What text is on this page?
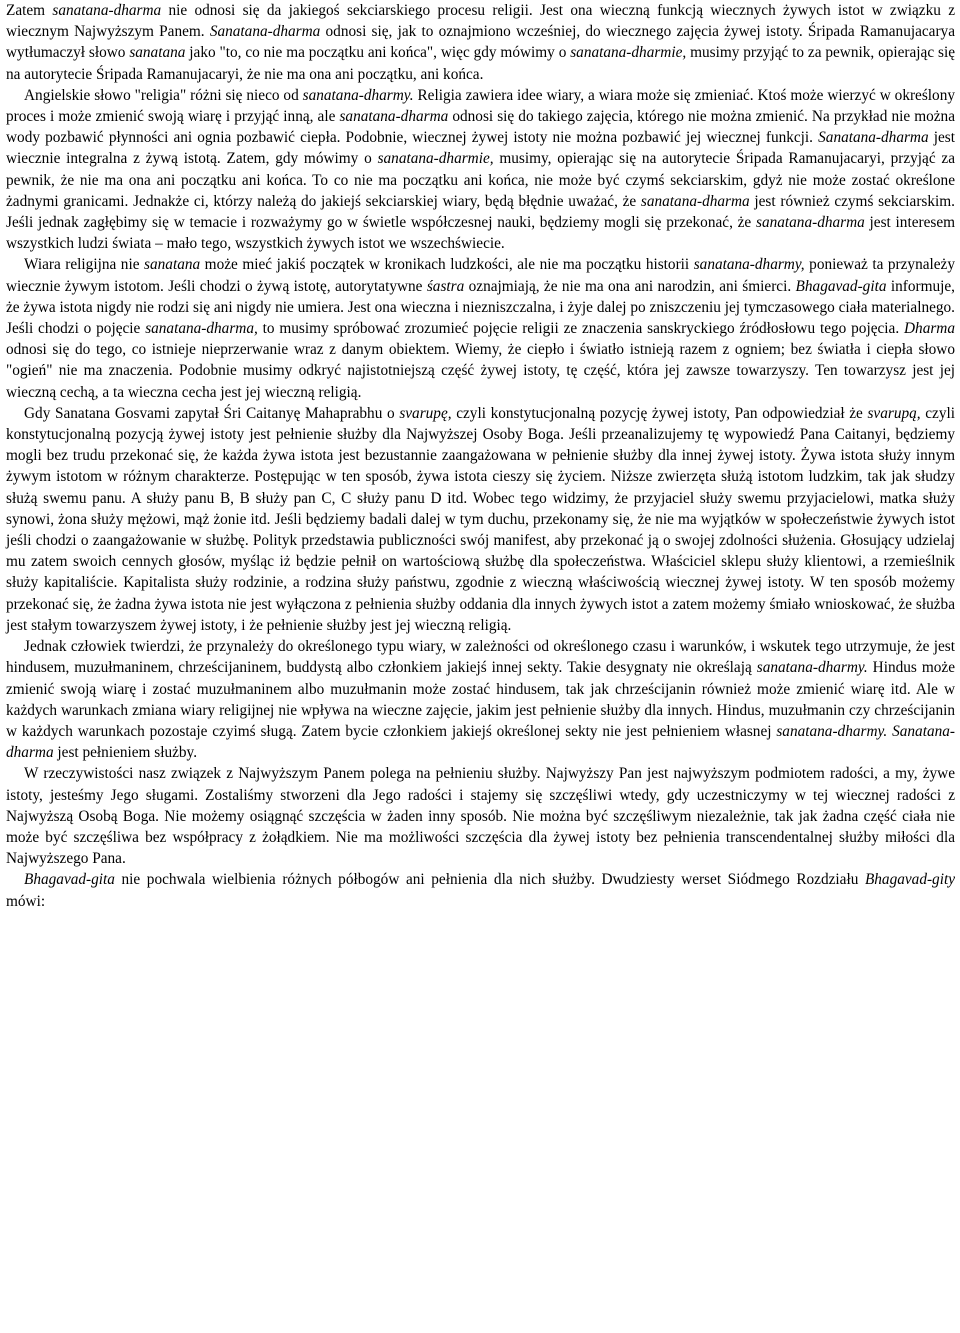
Zatem sanatana-dharma nie odnosi się da jakiegoś sekciarskiego procesu religii. Jest ona wieczną funkcją wiecznych żywych istot w związku z wiecznym Najwyższym Panem. Sanatana-dharma odnosi się, jak to oznajmiono wcześniej, do wiecznego zajęcia żywej istoty. Śripada Ramanujacarya wytłumaczył słowo sanatana jako "to, co nie ma początku ani końca", więc gdy mówimy o sanatana-dharmie, musimy przyjąć to za pewnik, opierając się na autorytecie Śripada Ramanujacaryi, że nie ma ona ani początku, ani końca.

Angielskie słowo "religia" różni się nieco od sanatana-dharmy. Religia zawiera idee wiary, a wiara może się zmieniać. Ktoś może wierzyć w określony proces i może zmienić swoją wiarę i przyjąć inną, ale sanatana-dharma odnosi się do takiego zajęcia, którego nie można zmienić. Na przykład nie można wody pozbawić płynności ani ognia pozbawić ciepła. Podobnie, wiecznej żywej istoty nie można pozbawić jej wiecznej funkcji. Sanatana-dharma jest wiecznie integralna z żywą istotą. Zatem, gdy mówimy o sanatana-dharmie, musimy, opierając się na autorytecie Śripada Ramanujacaryi, przyjąć za pewnik, że nie ma ona ani początku ani końca. To co nie ma początku ani końca, nie może być czymś sekciarskim, gdyż nie może zostać określone żadnymi granicami. Jednakże ci, którzy należą do jakiejś sekciarskiej wiary, będą błędnie uważać, że sanatana-dharma jest również czymś sekciarskim. Jeśli jednak zagłębimy się w temacie i rozważymy go w świetle współczesnej nauki, będziemy mogli się przekonać, że sanatana-dharma jest interesem wszystkich ludzi świata – mało tego, wszystkich żywych istot we wszechświecie.

Wiara religijna nie sanatana może mieć jakiś początek w kronikach ludzkości, ale nie ma początku historii sanatana-dharmy, ponieważ ta przynależy wiecznie żywym istotom. Jeśli chodzi o żywą istotę, autorytatywne śastra oznajmiają, że nie ma ona ani narodzin, ani śmierci. Bhagavad-gita informuje, że żywa istota nigdy nie rodzi się ani nigdy nie umiera. Jest ona wieczna i niezniszczalna, i żyje dalej po zniszczeniu jej tymczasowego ciała materialnego. Jeśli chodzi o pojęcie sanatana-dharma, to musimy spróbować zrozumieć pojęcie religii ze znaczenia sanskryckiego źródłosłowu tego pojęcia. Dharma odnosi się do tego, co istnieje nieprzerwanie wraz z danym obiektem. Wiemy, że ciepło i światło istnieją razem z ogniem; bez światła i ciepła słowo "ogień" nie ma znaczenia. Podobnie musimy odkryć najistotniejszą część żywej istoty, tę część, która jej zawsze towarzyszy. Ten towarzysz jest jej wieczną cechą, a ta wieczna cecha jest jej wieczną religią.

Gdy Sanatana Gosvami zapytał Śri Caitanyę Mahaprabhu o svarupę, czyli konstytucjonalną pozycję żywej istoty, Pan odpowiedział że svarupą, czyli konstytucjonalną pozycją żywej istoty jest pełnienie służby dla Najwyższej Osoby Boga. Jeśli przeanalizujemy tę wypowiedź Pana Caitanyi, będziemy mogli bez trudu przekonać się, że każda żywa istota jest bezustannie zaangażowana w pełnienie służby dla innej żywej istoty. Żywa istota służy innym żywym istotom w różnym charakterze. Postępując w ten sposób, żywa istota cieszy się życiem. Niższe zwierzęta służą istotom ludzkim, tak jak słudzy służą swemu panu. A służy panu B, B służy pan C, C służy panu D itd. Wobec tego widzimy, że przyjaciel służy swemu przyjacielowi, matka służy synowi, żona służy mężowi, mąż żonie itd. Jeśli będziemy badali dalej w tym duchu, przekonamy się, że nie ma wyjątków w społeczeństwie żywych istot jeśli chodzi o zaangażowanie w służbę. Polityk przedstawia publiczności swój manifest, aby przekonać ją o swojej zdolności służenia. Głosujący udzielaj mu zatem swoich cennych głosów, myśląc iż będzie pełnił on wartościową służbę dla społeczeństwa. Właściciel sklepu służy klientowi, a rzemieślnik służy kapitaliście. Kapitalista służy rodzinie, a rodzina służy państwu, zgodnie z wieczną właściwością wiecznej żywej istoty. W ten sposób możemy przekonać się, że żadna żywa istota nie jest wyłączona z pełnienia służby oddania dla innych żywych istot a zatem możemy śmiało wnioskować, że służba jest stałym towarzyszem żywej istoty, i że pełnienie służby jest jej wieczną religią.

Jednak człowiek twierdzi, że przynależy do określonego typu wiary, w zależności od określonego czasu i warunków, i wskutek tego utrzymuje, że jest hindusem, muzułmaninem, chrześcijaninem, buddystą albo członkiem jakiejś innej sekty. Takie desygnaty nie określają sanatana-dharmy. Hindus może zmienić swoją wiarę i zostać muzułmaninem albo muzułmanin może zostać hindusem, tak jak chrześcijanin również może zmienić wiarę itd. Ale w każdych warunkach zmiana wiary religijnej nie wpływa na wieczne zajęcie, jakim jest pełnienie służby dla innych. Hindus, muzułmanin czy chrześcijanin w każdych warunkach pozostaje czyimś sługą. Zatem bycie członkiem jakiejś określonej sekty nie jest pełnieniem własnej sanatana-dharmy. Sanatana-dharma jest pełnieniem służby.

W rzeczywistości nasz związek z Najwyższym Panem polega na pełnieniu służby. Najwyższy Pan jest najwyższym podmiotem radości, a my, żywe istoty, jesteśmy Jego sługami. Zostaliśmy stworzeni dla Jego radości i stajemy się szczęśliwi wtedy, gdy uczestniczymy w tej wiecznej radości z Najwyższą Osobą Boga. Nie możemy osiągnąć szczęścia w żaden inny sposób. Nie można być szczęśliwym niezależnie, tak jak żadna część ciała nie może być szczęśliwa bez współpracy z żołądkiem. Nie ma możliwości szczęścia dla żywej istoty bez pełnienia transcendentalnej służby miłości dla Najwyższego Pana.

Bhagavad-gita nie pochwala wielbienia różnych półbogów ani pełnienia dla nich służby. Dwudziesty werset Siódmego Rozdziału Bhagavad-gity mówi:
